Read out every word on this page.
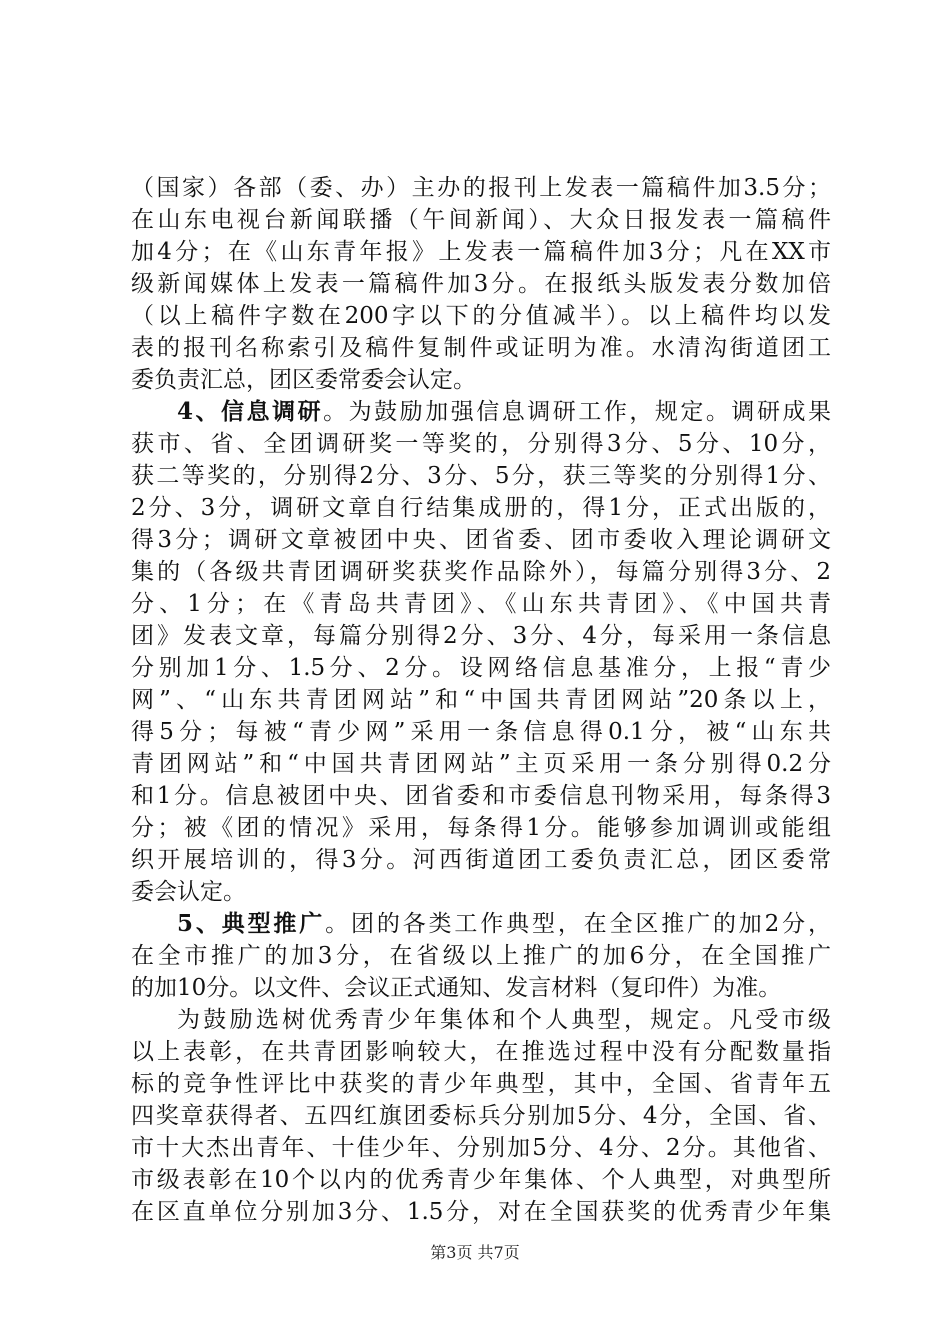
（国家）各部（委、办）主办的报刊上发表一篇稿件加3.5分；
在山东电视台新闻联播（午间新闻）、大众日报发表一篇稿件
加4分；在《山东青年报》上发表一篇稿件加3分；凡在XX市
级新闻媒体上发表一篇稿件加3分。在报纸头版发表分数加倍
（以上稿件字数在200字以下的分值减半）。以上稿件均以发
表的报刊名称索引及稿件复制件或证明为准。水清沟街道团工
委负责汇总，团区委常委会认定。
4、信息调研。为鼓励加强信息调研工作，规定。调研成果
获市、省、全团调研奖一等奖的，分别得3分、5分、10分，
获二等奖的，分别得2分、3分、5分，获三等奖的分别得1分、
2分、3分，调研文章自行结集成册的，得1分，正式出版的，
得3分；调研文章被团中央、团省委、团市委收入理论调研文
集的（各级共青团调研奖获奖作品除外），每篇分别得3分、2
分、1分；在《青岛共青团》、《山东共青团》、《中国共青
团》发表文章，每篇分别得2分、3分、4分，每采用一条信息
分别加1分、1.5分、2分。设网络信息基准分，上报“青少
网”、“山东共青团网站”和“中国共青团网站”20条以上，
得5分；每被“青少网”采用一条信息得0.1分，被“山东共
青团网站”和“中国共青团网站”主页采用一条分别得0.2分
和1分。信息被团中央、团省委和市委信息刊物采用，每条得3
分；被《团的情况》采用，每条得1分。能够参加调训或能组
织开展培训的，得3分。河西街道团工委负责汇总，团区委常
委会认定。
5、典型推广。团的各类工作典型，在全区推广的加2分，
在全市推广的加3分，在省级以上推广的加6分，在全国推广
的加10分。以文件、会议正式通知、发言材料（复印件）为准。
为鼓励选树优秀青少年集体和个人典型，规定。凡受市级
以上表彰，在共青团影响较大，在推选过程中没有分配数量指
标的竞争性评比中获奖的青少年典型，其中，全国、省青年五
四奖章获得者、五四红旗团委标兵分别加5分、4分，全国、省、
市十大杰出青年、十佳少年、分别加5分、4分、2分。其他省、
市级表彰在10个以内的优秀青少年集体、个人典型，对典型所
在区直单位分别加3分、1.5分，对在全国获奖的优秀青少年集
第3页 共7页
